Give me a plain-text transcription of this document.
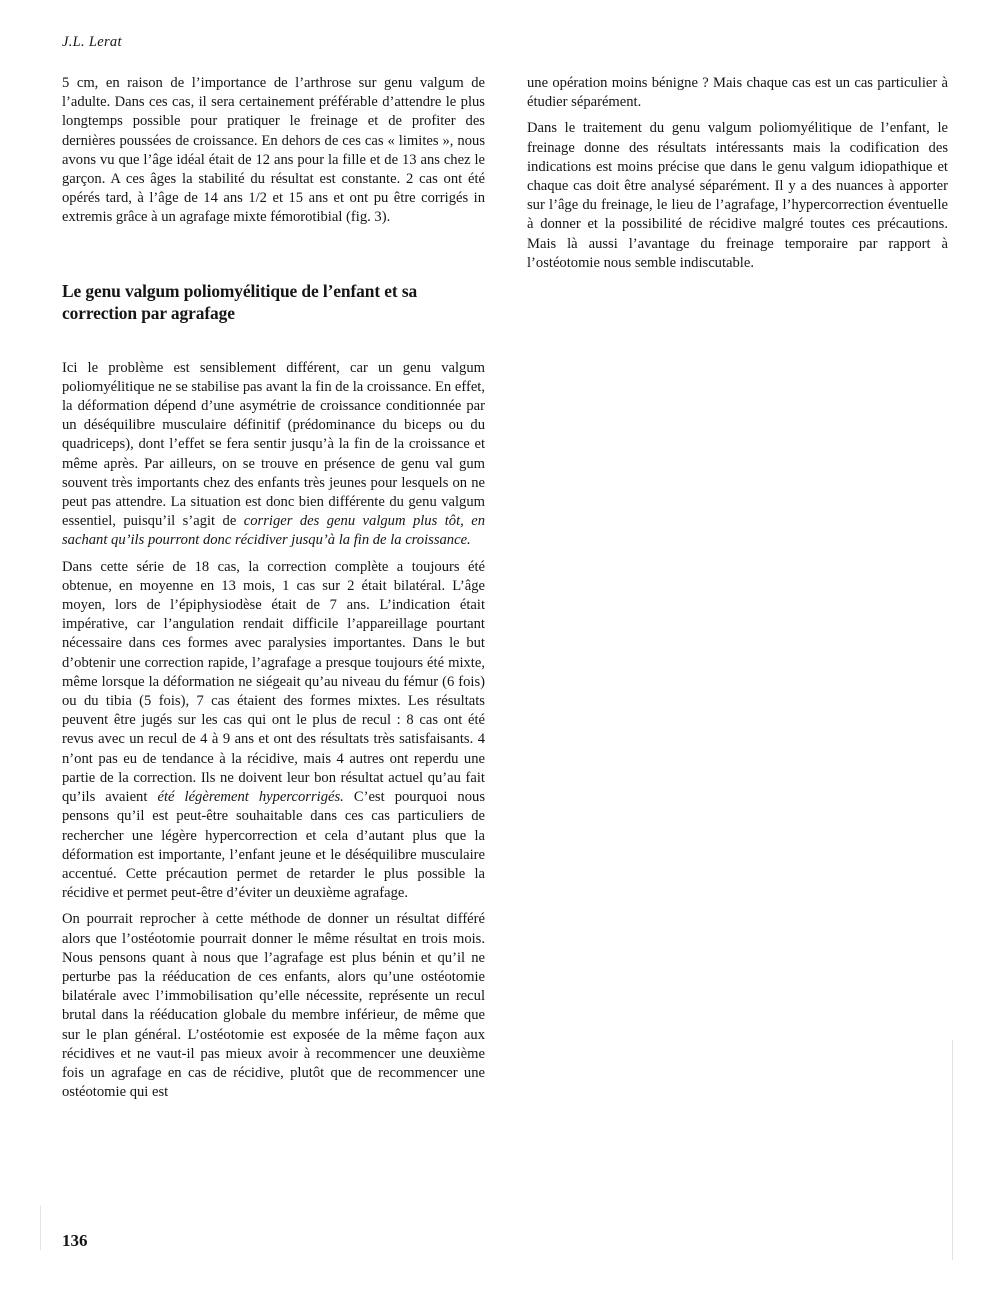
J.L. Lerat

5 cm, en raison de l’importance de l’arthrose sur genu valgum de l’adulte. Dans ces cas, il sera certainement préférable d’attendre le plus longtemps possible pour pratiquer le freinage et de profiter des dernières poussées de croissance. En dehors de ces cas « limites », nous avons vu que l’âge idéal était de 12 ans pour la fille et de 13 ans chez le garçon. A ces âges la stabilité du résultat est constante. 2 cas ont été opérés tard, à l’âge de 14 ans 1/2 et 15 ans et ont pu être corrigés in extremis grâce à un agrafage mixte fémorotibial (fig. 3).

Le genu valgum poliomyélitique de l’enfant et sa correction par agrafage

Ici le problème est sensiblement différent, car un genu valgum poliomyélitique ne se stabilise pas avant la fin de la croissance. En effet, la déformation dépend d’une asymétrie de croissance conditionnée par un déséquilibre musculaire définitif (prédominance du biceps ou du quadriceps), dont l’effet se fera sentir jusqu’à la fin de la croissance et même après. Par ailleurs, on se trouve en présence de genu val gum souvent très importants chez des enfants très jeunes pour lesquels on ne peut pas attendre. La situation est donc bien différente du genu valgum essentiel, puisqu’il s’agit de corriger des genu valgum plus tôt, en sachant qu’ils pourront donc récidiver jusqu’à la fin de la croissance.

Dans cette série de 18 cas, la correction complète a toujours été obtenue, en moyenne en 13 mois, 1 cas sur 2 était bilatéral. L’âge moyen, lors de l’épiphysiodèse était de 7 ans. L’indication était impérative, car l’angulation rendait difficile l’appareillage pourtant nécessaire dans ces formes avec paralysies importantes. Dans le but d’obtenir une correction rapide, l’agrafage a presque toujours été mixte, même lorsque la déformation ne siégeait qu’au niveau du fémur (6 fois) ou du tibia (5 fois), 7 cas étaient des formes mixtes. Les résultats peuvent être jugés sur les cas qui ont le plus de recul : 8 cas ont été revus avec un recul de 4 à 9 ans et ont des résultats très satisfaisants. 4 n’ont pas eu de tendance à la récidive, mais 4 autres ont reperdu une partie de la correction. Ils ne doivent leur bon résultat actuel qu’au fait qu’ils avaient été légèrement hypercorrigés. C’est pourquoi nous pensons qu’il est peut-être souhaitable dans ces cas particuliers de rechercher une légère hypercorrection et cela d’autant plus que la déformation est importante, l’enfant jeune et le déséquilibre musculaire accentué. Cette précaution permet de retarder le plus possible la récidive et permet peut-être d’éviter un deuxième agrafage.

On pourrait reprocher à cette méthode de donner un résultat différé alors que l’ostéotomie pourrait donner le même résultat en trois mois. Nous pensons quant à nous que l’agrafage est plus bénin et qu’il ne perturbe pas la rééducation de ces enfants, alors qu’une ostéotomie bilatérale avec l’immobilisation qu’elle nécessite, représente un recul brutal dans la rééducation globale du membre inférieur, de même que sur le plan général. L’ostéotomie est exposée de la même façon aux récidives et ne vaut-il pas mieux avoir à recommencer une deuxième fois un agrafage en cas de récidive, plutôt que de recommencer une ostéotomie qui est

une opération moins bénigne ? Mais chaque cas est un cas particulier à étudier séparément.

Dans le traitement du genu valgum poliomyélitique de l’enfant, le freinage donne des résultats intéressants mais la codification des indications est moins précise que dans le genu valgum idiopathique et chaque cas doit être analysé séparément. Il y a des nuances à apporter sur l’âge du freinage, le lieu de l’agrafage, l’hypercorrection éventuelle à donner et la possibilité de récidive malgré toutes ces précautions. Mais là aussi l’avantage du freinage temporaire par rapport à l’ostéotomie nous semble indiscutable.

136
